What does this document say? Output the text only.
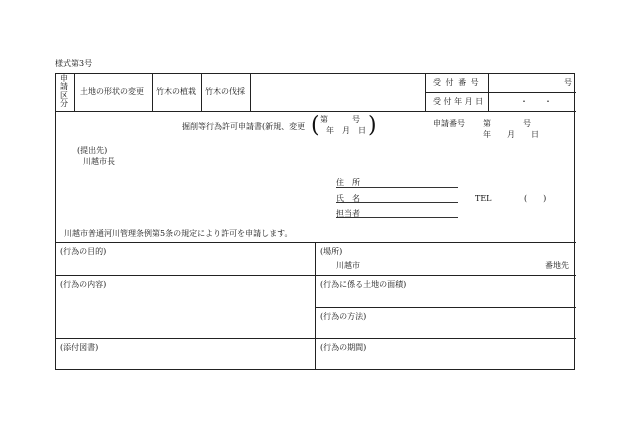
様式第3号
申
請
区
分
土地の形状の変更 竹木の植栽 竹木の伐採
受 付 番 号	号
受 付 年 月 日	・　　・
掘削等行為許可申請書(新規、変更 ( 第　　　号
年　月　日 )	申請番号 第　　　　号
年　　月　　日
(提出先)
川越市長
住　所
氏　名	TEL	(　　)
担当者
川越市普通河川管理条例第5条の規定により許可を申請します。
(行為の目的)	(場所)
川越市	番地先
(行為の内容)	(行為に係る土地の面積)
(行為の方法)
(添付図書)	(行為の期間)
